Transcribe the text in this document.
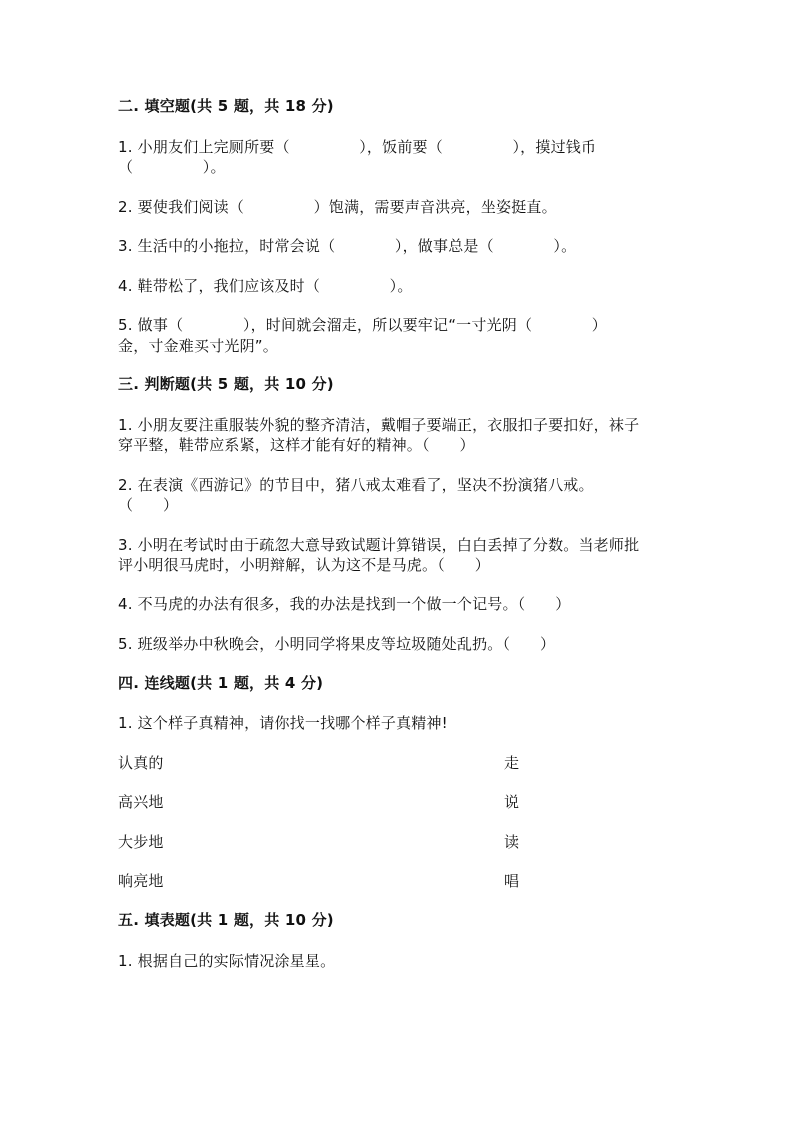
二. 填空题(共 5 题，共 18 分)
1. 小朋友们上完厕所要（              ），饭前要（              ），摸过钱币
（              ）。
2. 要使我们阅读（              ）饱满，需要声音洪亮，坐姿挺直。
3. 生活中的小拖拉，时常会说（            ），做事总是（            ）。
4. 鞋带松了，我们应该及时（              ）。
5. 做事（            ），时间就会溜走，所以要牢记“一寸光阴（            ）
金，寸金难买寸光阴”。
三. 判断题(共 5 题，共 10 分)
1. 小朋友要注重服装外貌的整齐清洁，戴帽子要端正，衣服扣子要扣好，袜子
穿平整，鞋带应系紧，这样才能有好的精神。（      ）
2. 在表演《西游记》的节目中，猪八戒太难看了，坚决不扮演猪八戒。
（      ）
3. 小明在考试时由于疏忽大意导致试题计算错误，白白丢掉了分数。当老师批
评小明很马虎时，小明辩解，认为这不是马虎。（      ）
4. 不马虎的办法有很多，我的办法是找到一个做一个记号。（      ）
5. 班级举办中秋晚会，小明同学将果皮等垃圾随处乱扔。（      ）
四. 连线题(共 1 题，共 4 分)
1. 这个样子真精神，请你找一找哪个样子真精神!
认真的	走
高兴地	说
大步地	读
响亮地	唱
五. 填表题(共 1 题，共 10 分)
1. 根据自己的实际情况涂星星。
